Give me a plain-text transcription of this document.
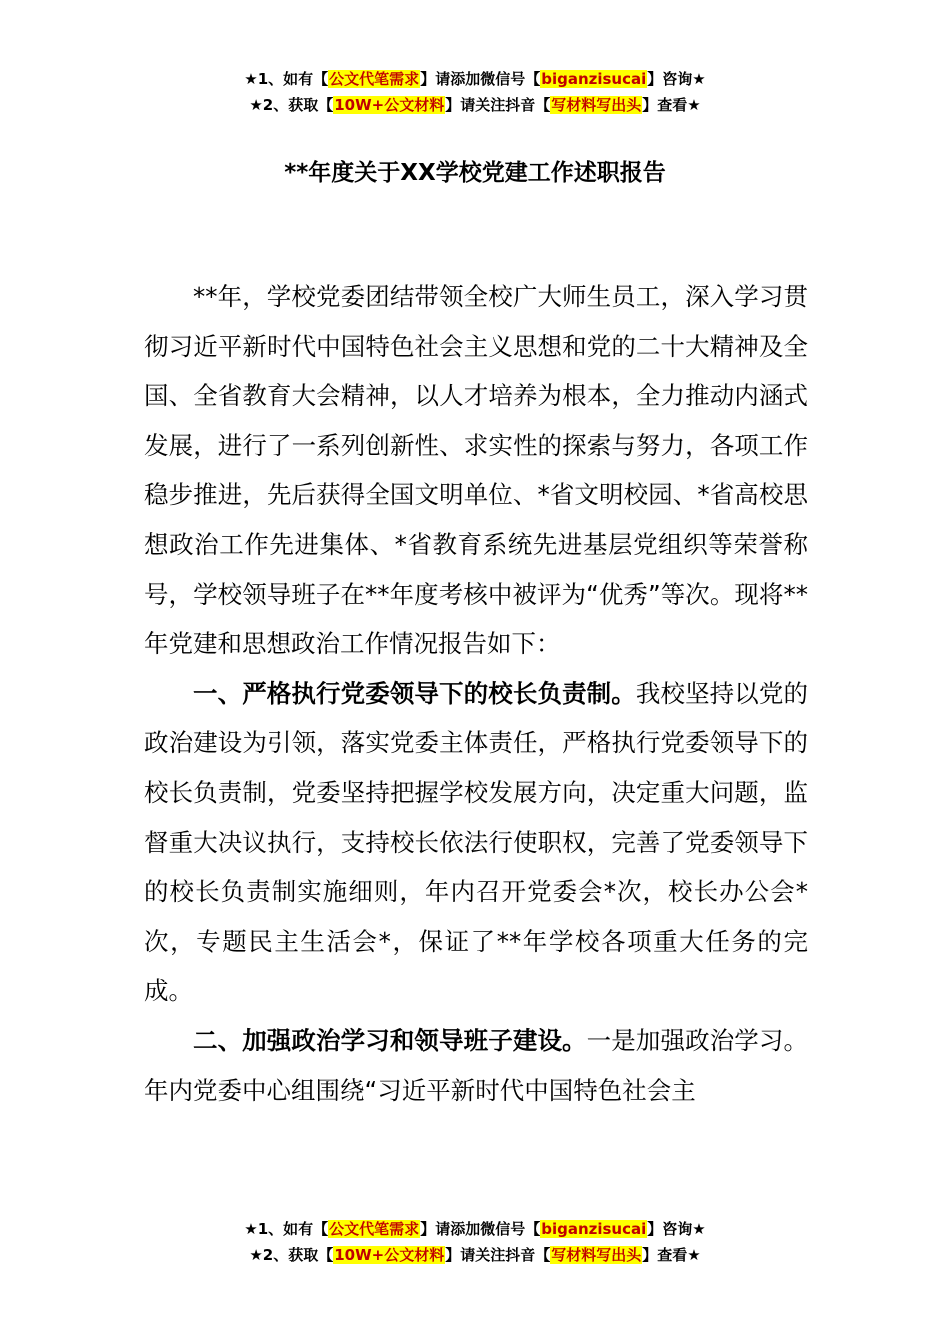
★1、如有【公文代笔需求】请添加微信号【biganzisucai】咨询★
★2、获取【10W+公文材料】请关注抖音【写材料写出头】查看★
**年度关于XX学校党建工作述职报告

**年，学校党委团结带领全校广大师生员工，深入学习贯彻习近平新时代中国特色社会主义思想和党的二十大精神及全国、全省教育大会精神，以人才培养为根本，全力推动内涵式发展，进行了一系列创新性、求实性的探索与努力，各项工作稳步推进，先后获得全国文明单位、*省文明校园、*省高校思想政治工作先进集体、*省教育系统先进基层党组织等荣誉称号，学校领导班子在**年度考核中被评为“优秀”等次。现将**年党建和思想政治工作情况报告如下：

一、严格执行党委领导下的校长负责制。我校坚持以党的政治建设为引领，落实党委主体责任，严格执行党委领导下的校长负责制，党委坚持把握学校发展方向，决定重大问题，监督重大决议执行，支持校长依法行使职权，完善了党委领导下的校长负责制实施细则，年内召开党委会*次，校长办公会*次，专题民主生活会*，保证了**年学校各项重大任务的完成。

二、加强政治学习和领导班子建设。一是加强政治学习。年内党委中心组围绕“习近平新时代中国特色社会主

★1、如有【公文代笔需求】请添加微信号【biganzisucai】咨询★
★2、获取【10W+公文材料】请关注抖音【写材料写出头】查看★
